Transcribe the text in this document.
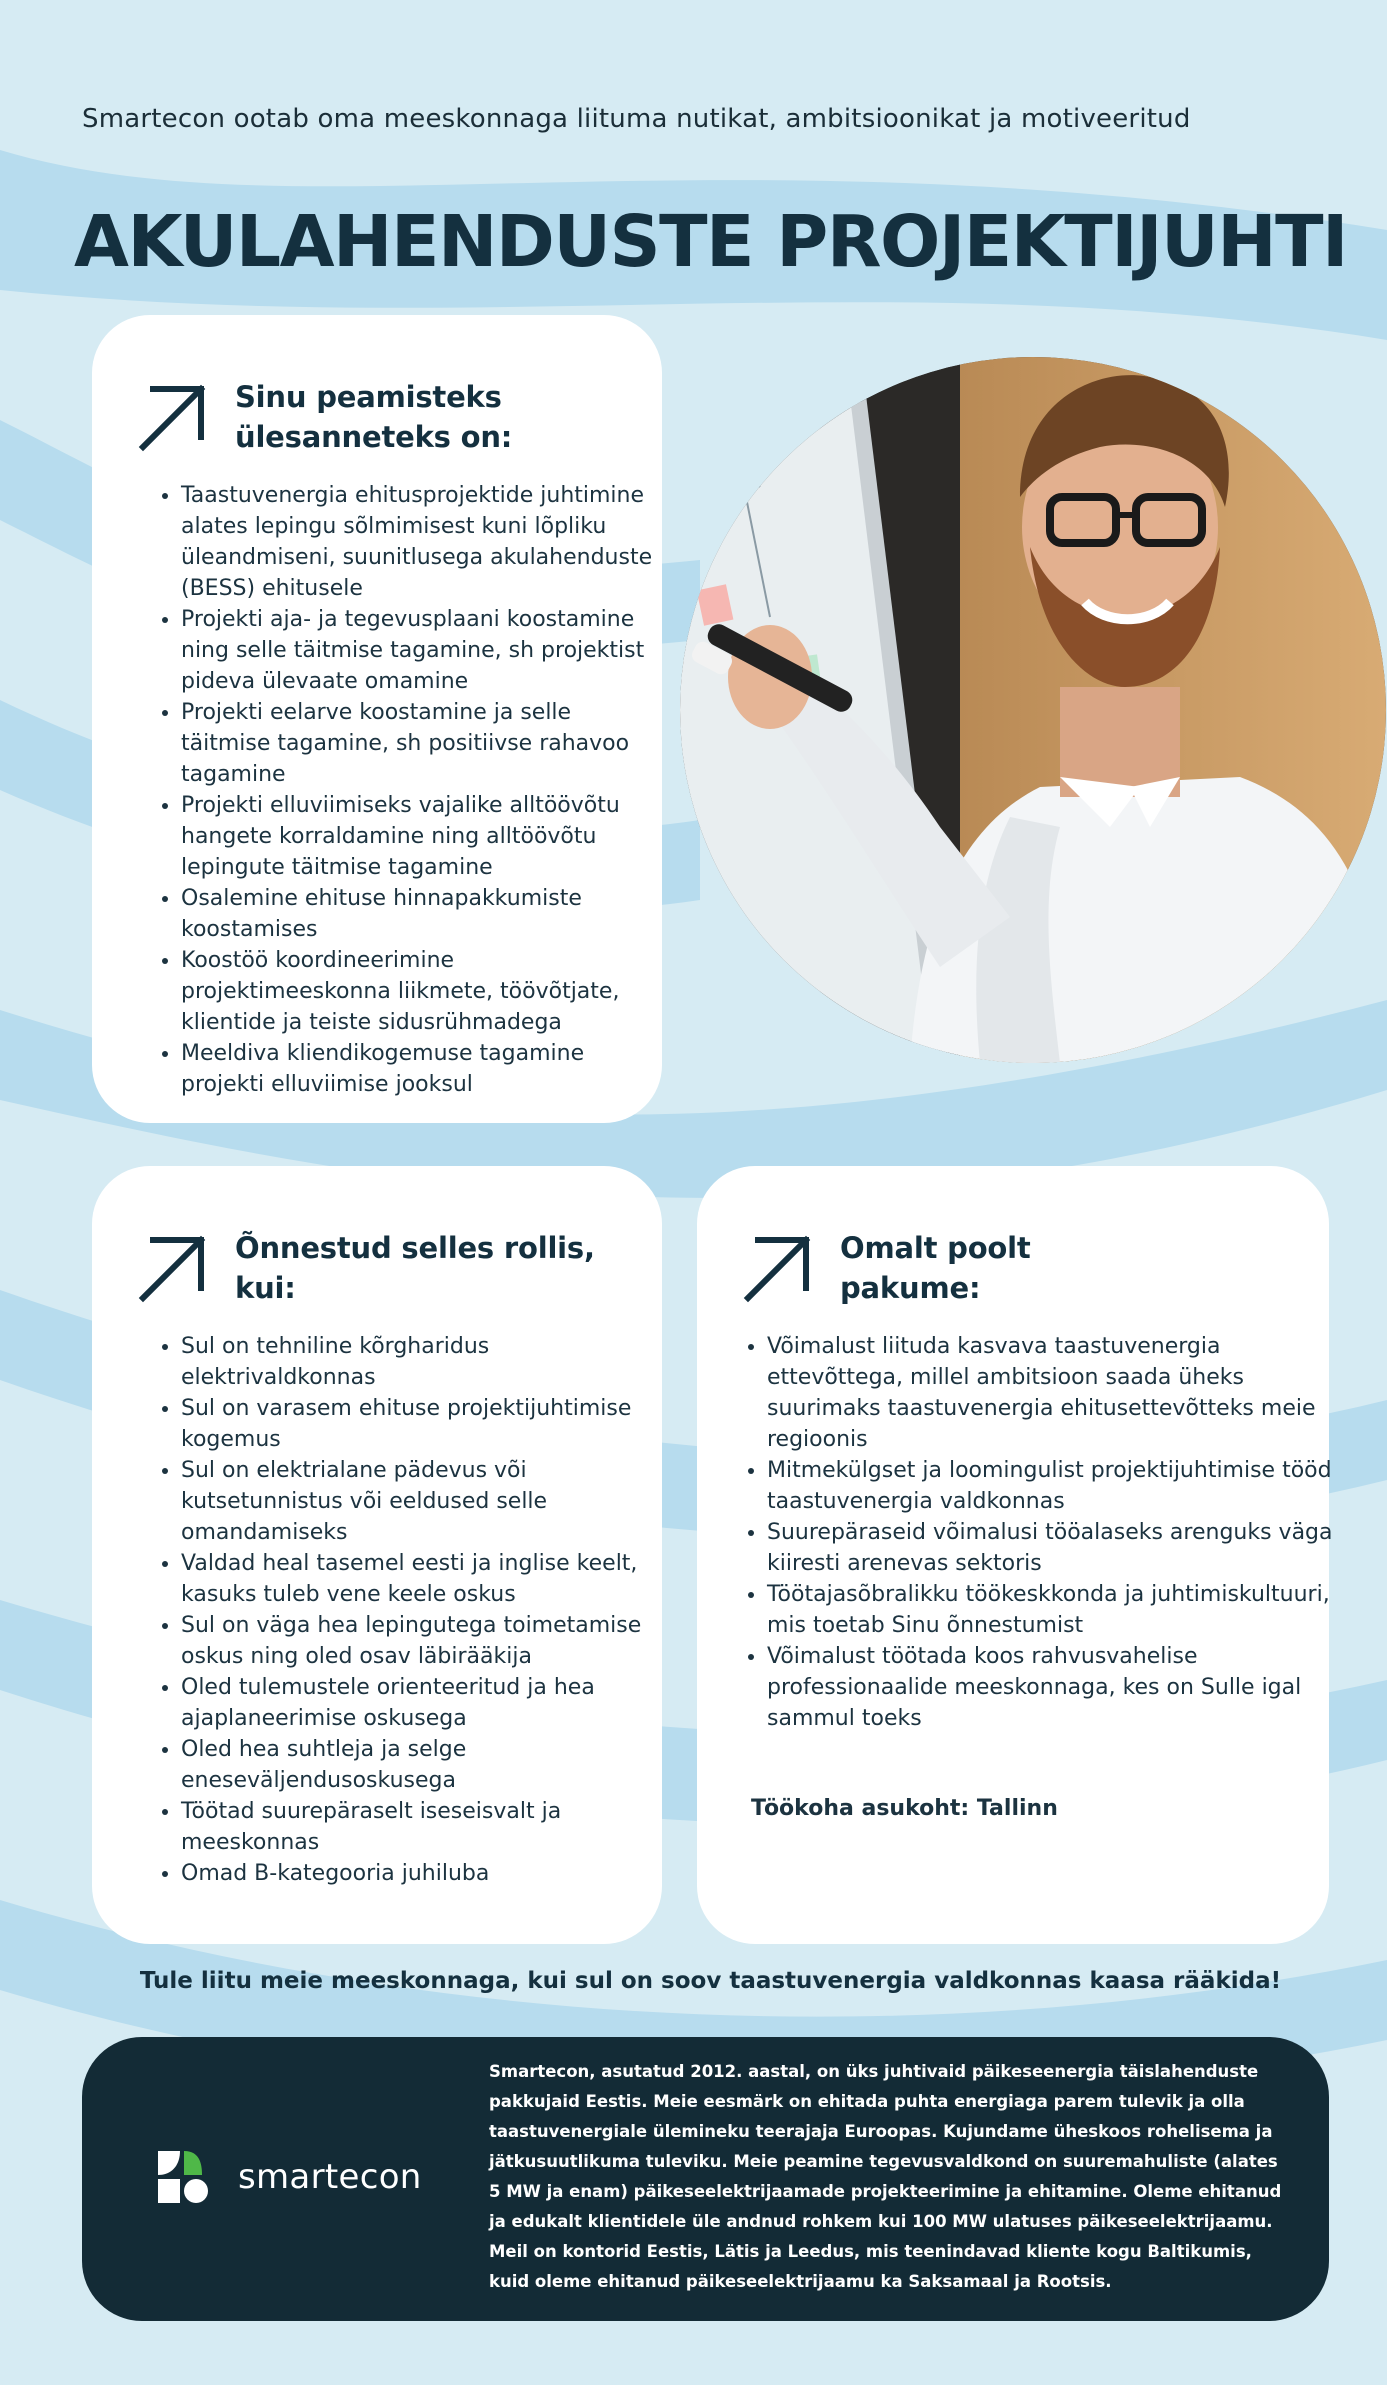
Smartecon ootab oma meeskonnaga liituma nutikat, ambitsioonikat ja motiveeritud
AKULAHENDUSTE PROJEKTIJUHTI
Sinu peamisteks
ülesanneteks on:
• Taastuvenergia ehitusprojektide juhtimine alates lepingu sõlmimisest kuni lõpliku üleandmiseni, suunitlusega akulahenduste (BESS) ehitusele
• Projekti aja- ja tegevusplaani koostamine ning selle täitmise tagamine, sh projektist pideva ülevaate omamine
• Projekti eelarve koostamine ja selle täitmise tagamine, sh positiivse rahavoo tagamine
• Projekti elluviimiseks vajalike alltöövõtu hangete korraldamine ning alltöövõtu lepingute täitmise tagamine
• Osalemine ehituse hinnapakkumiste koostamises
• Koostöö koordineerimine projektimeeskonna liikmete, töövõtjate, klientide ja teiste sidusrühmadega
• Meeldiva kliendikogemuse tagamine projekti elluviimise jooksul
Õnnestud selles rollis,
kui:
• Sul on tehniline kõrgharidus elektrivaldkonnas
• Sul on varasem ehituse projektijuhtimise kogemus
• Sul on elektrialane pädevus või kutsetunnistus või eeldused selle omandamiseks
• Valdad heal tasemel eesti ja inglise keelt, kasuks tuleb vene keele oskus
• Sul on väga hea lepingutega toimetamise oskus ning oled osav läbirääkija
• Oled tulemustele orienteeritud ja hea ajaplaneerimise oskusega
• Oled hea suhtleja ja selge eneseväljendusoskusega
• Töötad suurepäraselt iseseisvalt ja meeskonnas
• Omad B-kategooria juhiluba
Omalt poolt
pakume:
• Võimalust liituda kasvava taastuvenergia ettevõttega, millel ambitsioon saada üheks suurimaks taastuvenergia ehitusettevõtteks meie regioonis
• Mitmekülgset ja loomingulist projektijuhtimise tööd taastuvenergia valdkonnas
• Suurepäraseid võimalusi tööalaseks arenguks väga kiiresti arenevas sektoris
• Töötajasõbralikku töökeskkonda ja juhtimiskultuuri, mis toetab Sinu õnnestumist
• Võimalust töötada koos rahvusvahelise professionaalide meeskonnaga, kes on Sulle igal sammul toeks
Töökoha asukoht: Tallinn
Tule liitu meie meeskonnaga, kui sul on soov taastuvenergia valdkonnas kaasa rääkida!
smartecon
Smartecon, asutatud 2012. aastal, on üks juhtivaid päikeseenergia täislahenduste pakkujaid Eestis. Meie eesmärk on ehitada puhta energiaga parem tulevik ja olla taastuvenergiale ülemineku teerajaja Euroopas. Kujundame üheskoos rohelisema ja jätkusuutlikuma tuleviku. Meie peamine tegevusvaldkond on suuremahuliste (alates 5 MW ja enam) päikeseelektrijaamade projekteerimine ja ehitamine. Oleme ehitanud ja edukalt klientidele üle andnud rohkem kui 100 MW ulatuses päikeseelektrijaamu. Meil on kontorid Eestis, Lätis ja Leedus, mis teenindavad kliente kogu Baltikumis, kuid oleme ehitanud päikeseelektrijaamu ka Saksamaal ja Rootsis.
